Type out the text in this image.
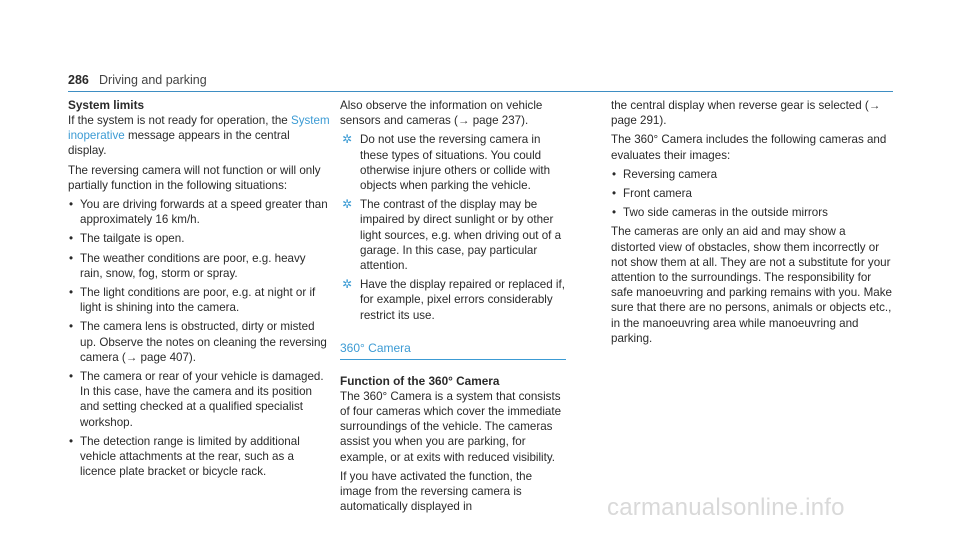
286 Driving and parking
System limits

If the system is not ready for operation, the System inoperative message appears in the central display.

The reversing camera will not function or will only partially function in the following situations:

• You are driving forwards at a speed greater than approximately 16 km/h.
• The tailgate is open.
• The weather conditions are poor, e.g. heavy rain, snow, fog, storm or spray.
• The light conditions are poor, e.g. at night or if light is shining into the camera.
• The camera lens is obstructed, dirty or misted up. Observe the notes on cleaning the reversing camera (→ page 407).
• The camera or rear of your vehicle is damaged. In this case, have the camera and its position and setting checked at a qualified specialist workshop.
• The detection range is limited by additional vehicle attachments at the rear, such as a licence plate bracket or bicycle rack.

Also observe the information on vehicle sensors and cameras (→ page 237).

✲ Do not use the reversing camera in these types of situations. You could otherwise injure others or collide with objects when parking the vehicle.
✲ The contrast of the display may be impaired by direct sunlight or by other light sources, e.g. when driving out of a garage. In this case, pay particular attention.
✲ Have the display repaired or replaced if, for example, pixel errors considerably restrict its use.
360° Camera
Function of the 360° Camera

The 360° Camera is a system that consists of four cameras which cover the immediate surroundings of the vehicle. The cameras assist you when you are parking, for example, or at exits with reduced visibility.

If you have activated the function, the image from the reversing camera is automatically displayed in

the central display when reverse gear is selected (→ page 291).

The 360° Camera includes the following cameras and evaluates their images:

• Reversing camera
• Front camera
• Two side cameras in the outside mirrors

The cameras are only an aid and may show a distorted view of obstacles, show them incorrectly or not show them at all. They are not a substitute for your attention to the surroundings. The responsibility for safe manoeuvring and parking remains with you. Make sure that there are no persons, animals or objects etc., in the manoeuvring area while manoeuvring and parking.

carmanualsonline.info
